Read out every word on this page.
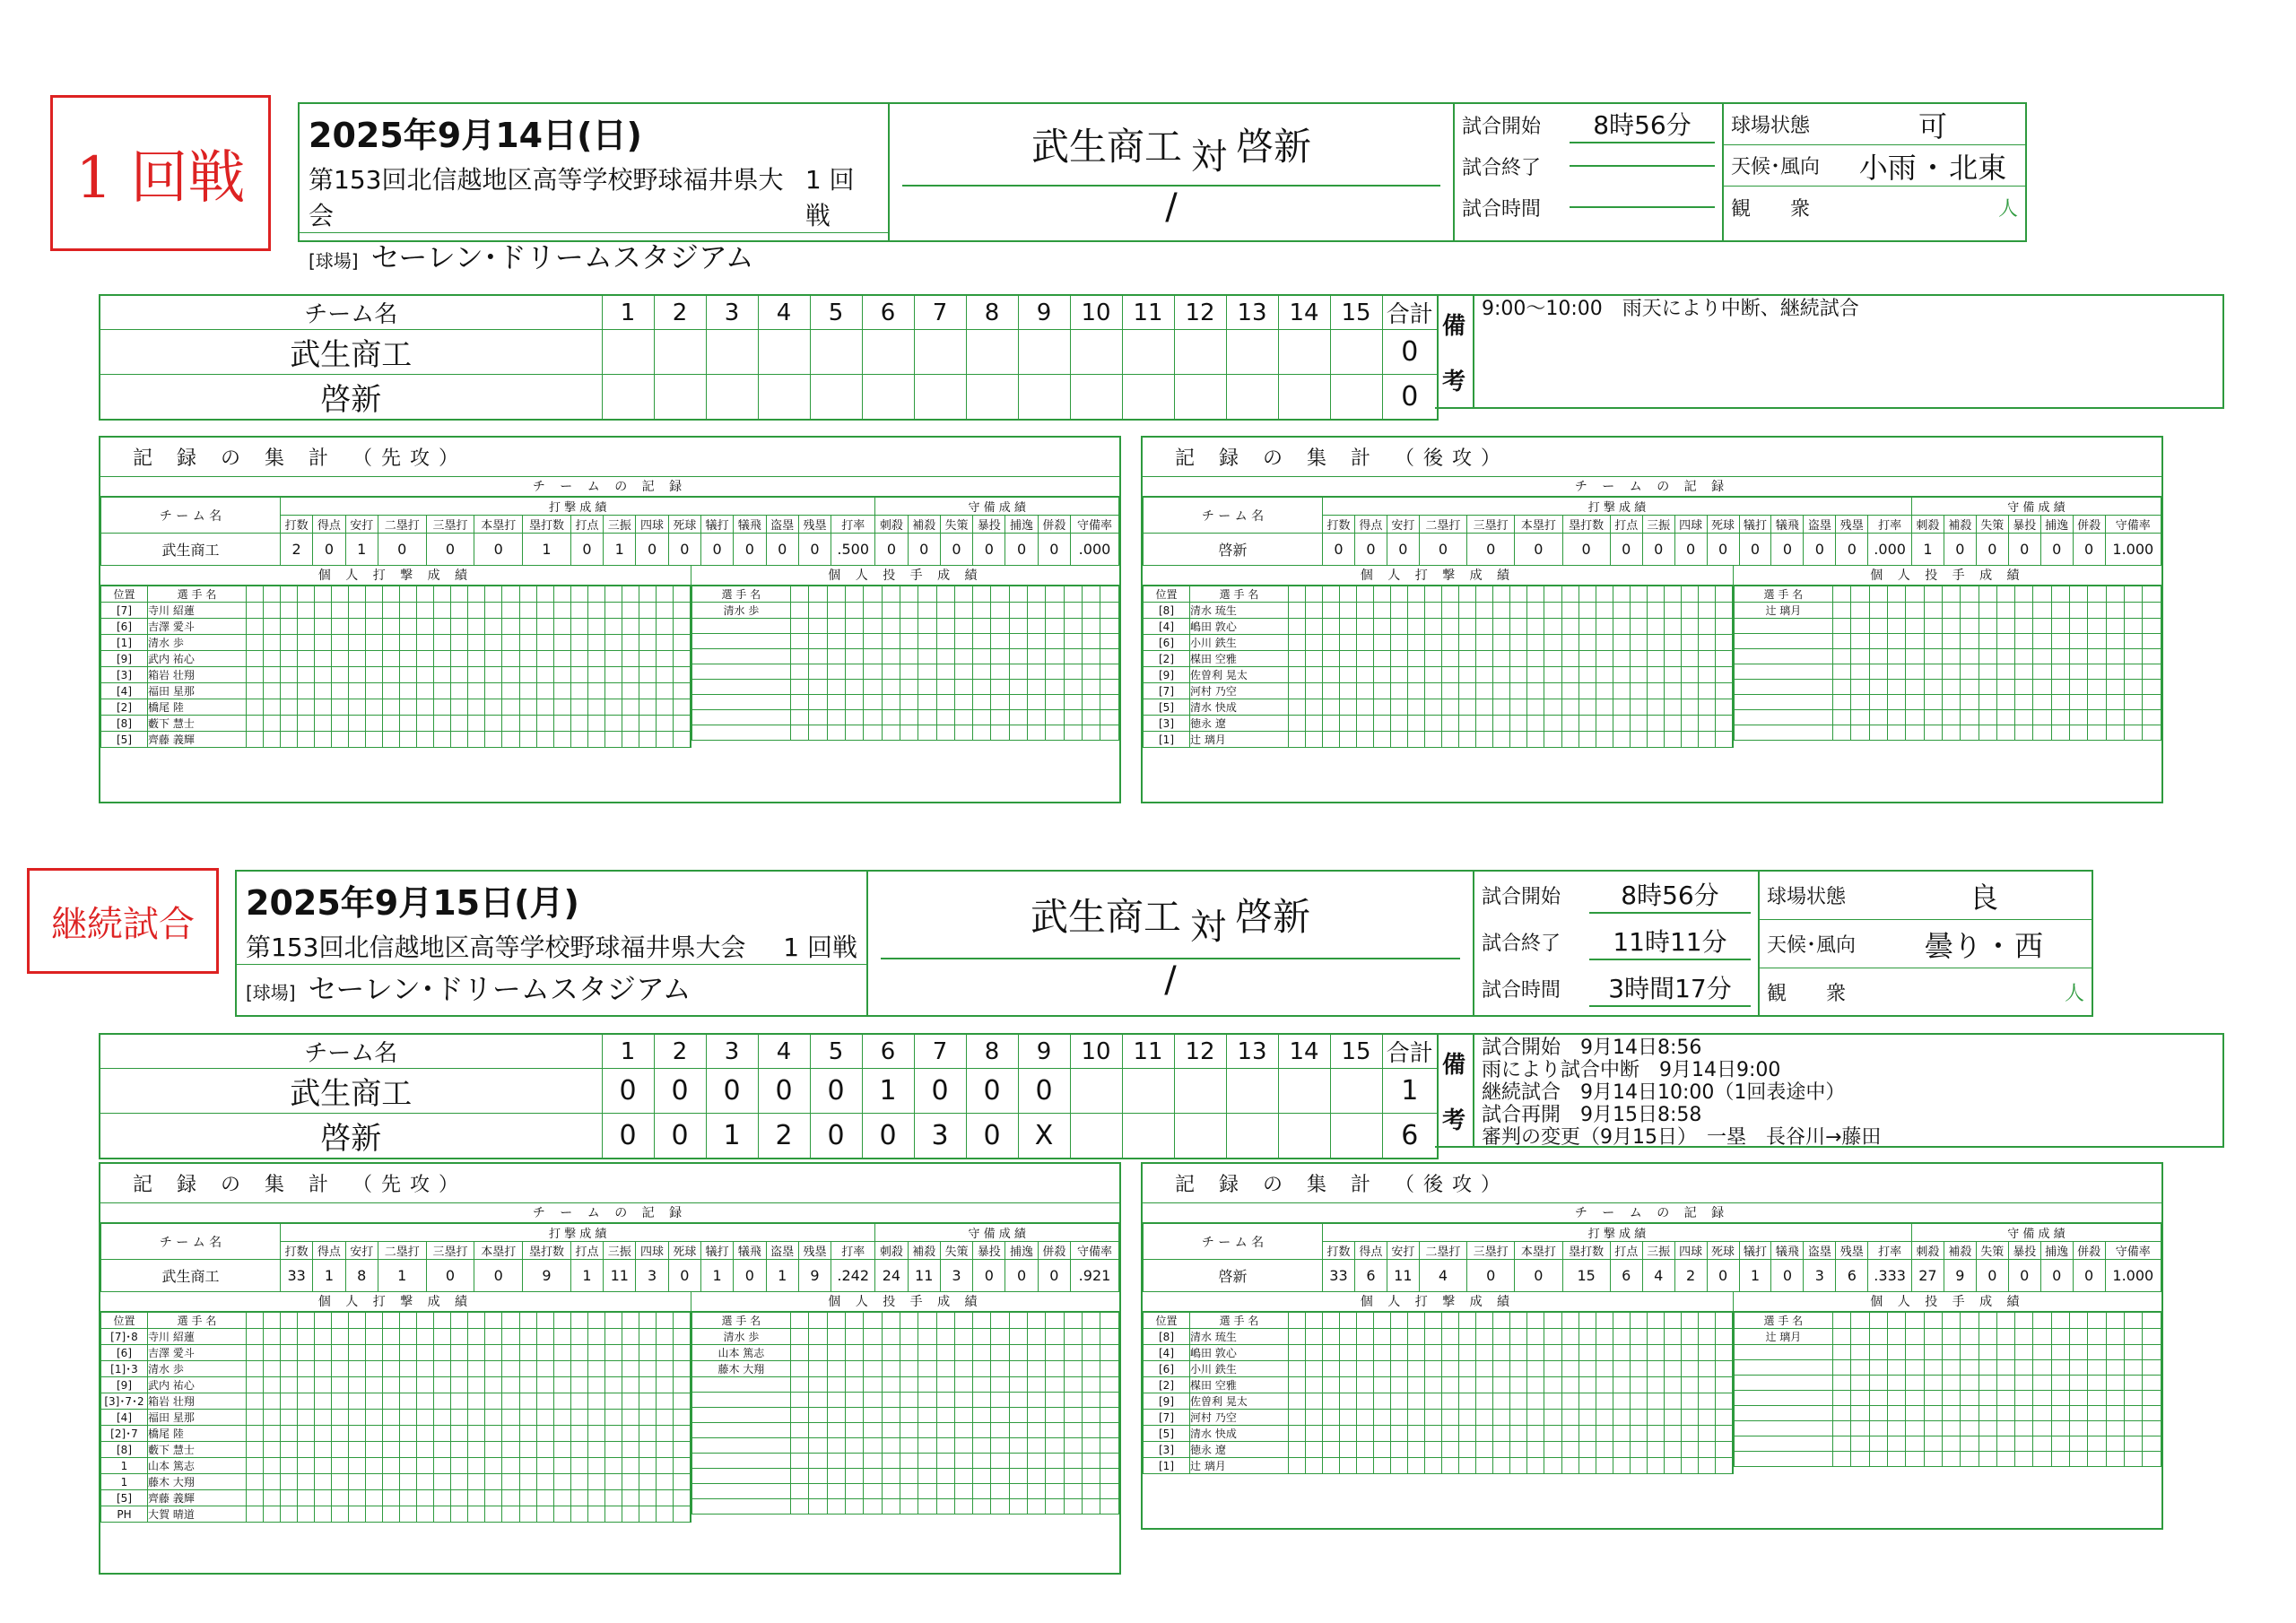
1 回戦
2025年9月14日(日)
第153回北信越地区高等学校野球福井県大会
1 回戦
[球場] セーレン･ドリームスタジアム
武生商工 対 啓新
/
試合開始	8時56分
試合終了
試合時間
球場状態	可
天候･風向	小雨 ･ 北東
観　　衆	人
チーム名	1	2	3	4	5	6	7	8	9	10	11	12	13	14	15	合計
武生商工																0
啓新																0
備
考
9:00～10:00　雨天により中断、継続試合
記 録 の 集 計 （先攻）
チ ー ム の 記 録
チ ー ム 名	打 撃 成 績																守 備 成 績						
	打数	得点	安打	二塁打	三塁打	本塁打	塁打数	打点	三振	四球	死球	犠打	犠飛	盗塁	残塁	打率	刺殺	補殺	失策	暴投	捕逸	併殺	守備率
武生商工	2	0	1	0	0	0	1	0	1	0	0	0	0	0	0	.500	0	0	0	0	0	0	.000
個 人 打 撃 成 績
位置	選 手 名																										
[7]	寺川 紹蓮																										
[6]	吉澤 愛斗																										
[1]	清水 歩																										
[9]	武内 祐心																										
[3]	箱岩 壮翔																										
[4]	福田 星那																										
[2]	橋尾 陸																										
[8]	藪下 慧士																										
[5]	齊藤 義輝																										
個 人 投 手 成 績
選 手 名																		
清水 歩																		

記 録 の 集 計 （後攻）
チ ー ム の 記 録
チ ー ム 名	打 撃 成 績																守 備 成 績						
	打数	得点	安打	二塁打	三塁打	本塁打	塁打数	打点	三振	四球	死球	犠打	犠飛	盗塁	残塁	打率	刺殺	補殺	失策	暴投	捕逸	併殺	守備率
啓新	0	0	0	0	0	0	0	0	0	0	0	0	0	0	0	.000	1	0	0	0	0	0	1.000
個 人 打 撃 成 績
位置	選 手 名																										
[8]	清水 琉生																										
[4]	嶋田 敦心																										
[6]	小川 鉄生																										
[2]	楳田 空雅																										
[9]	佐曽利 晃太																										
[7]	河村 乃空																										
[5]	清水 快成																										
[3]	徳永 遼																										
[1]	辻 璃月																										
個 人 投 手 成 績
選 手 名																		
辻 璃月																		

継続試合
2025年9月15日(月)
第153回北信越地区高等学校野球福井県大会 1 回戦
[球場] セーレン･ドリームスタジアム
武生商工 対 啓新
/
試合開始	8時56分
試合終了	11時11分
試合時間	3時間17分
球場状態	良
天候･風向	曇り ･ 西
観　　衆	人
チーム名	1	2	3	4	5	6	7	8	9	10	11	12	13	14	15	合計
武生商工	0	0	0	0	0	1	0	0	0							1
啓新	0	0	1	2	0	0	3	0	X							6
備
考
試合開始　9月14日8:56
雨により試合中断　9月14日9:00
継続試合　9月14日10:00（1回表途中）
試合再開　9月15日8:58
審判の変更（9月15日）　一塁　長谷川→藤田
記 録 の 集 計 （先攻）
チ ー ム の 記 録
チ ー ム 名	打 撃 成 績																守 備 成 績						
	打数	得点	安打	二塁打	三塁打	本塁打	塁打数	打点	三振	四球	死球	犠打	犠飛	盗塁	残塁	打率	刺殺	補殺	失策	暴投	捕逸	併殺	守備率
武生商工	33	1	8	1	0	0	9	1	11	3	0	1	0	1	9	.242	24	11	3	0	0	0	.921
個 人 打 撃 成 績
位置	選 手 名																										
[7]･8	寺川 紹蓮																										
[6]	吉澤 愛斗																										
[1]･3	清水 歩																										
[9]	武内 祐心																										
[3]･7･2	箱岩 壮翔																										
[4]	福田 星那																										
[2]･7	橋尾 陸																										
[8]	藪下 慧士																										
1	山本 篤志																										
1	藤木 大翔																										
[5]	齊藤 義輝																										
PH	大賀 晴道																										
個 人 投 手 成 績
選 手 名																		
清水 歩																		
山本 篤志																		
藤木 大翔																		

記 録 の 集 計 （後攻）
チ ー ム の 記 録
チ ー ム 名	打 撃 成 績																守 備 成 績						
	打数	得点	安打	二塁打	三塁打	本塁打	塁打数	打点	三振	四球	死球	犠打	犠飛	盗塁	残塁	打率	刺殺	補殺	失策	暴投	捕逸	併殺	守備率
啓新	33	6	11	4	0	0	15	6	4	2	0	1	0	3	6	.333	27	9	0	0	0	0	1.000
個 人 打 撃 成 績
位置	選 手 名																										
[8]	清水 琉生																										
[4]	嶋田 敦心																										
[6]	小川 鉄生																										
[2]	楳田 空雅																										
[9]	佐曽利 晃太																										
[7]	河村 乃空																										
[5]	清水 快成																										
[3]	徳永 遼																										
[1]	辻 璃月																										
個 人 投 手 成 績
選 手 名																		
辻 璃月																		
